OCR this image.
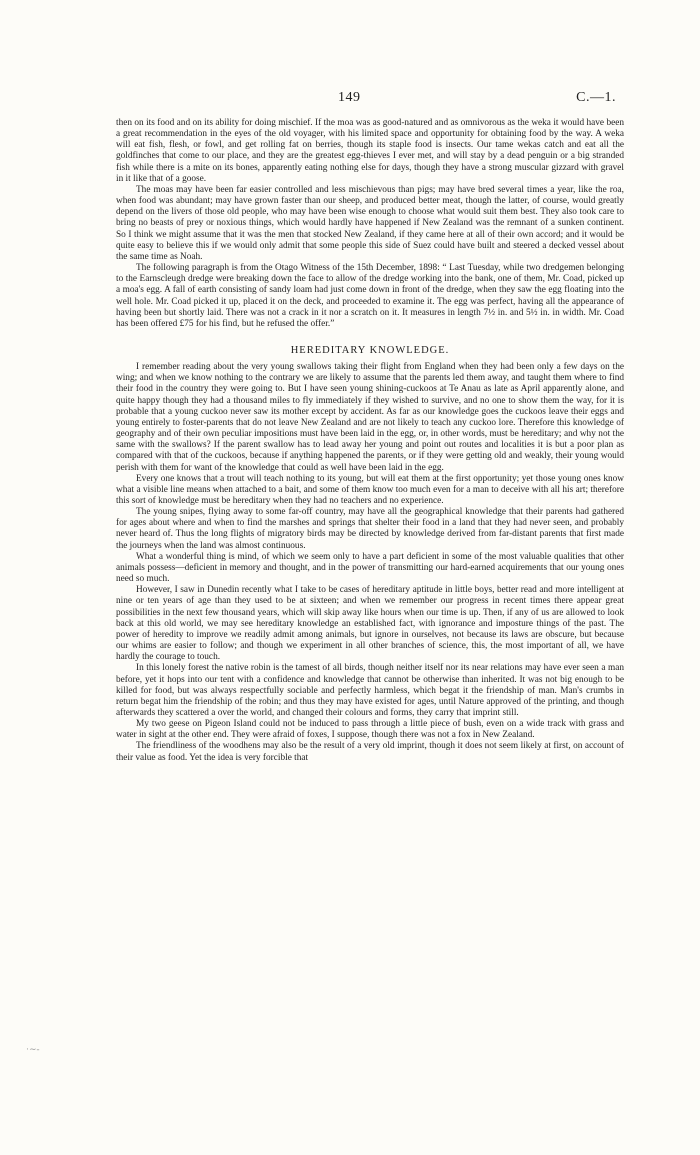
149	C.—1.

then on its food and on its ability for doing mischief. If the moa was as good-natured and as omnivorous as the weka it would have been a great recommendation in the eyes of the old voyager, with his limited space and opportunity for obtaining food by the way. A weka will eat fish, flesh, or fowl, and get rolling fat on berries, though its staple food is insects. Our tame wekas catch and eat all the goldfinches that come to our place, and they are the greatest egg-thieves I ever met, and will stay by a dead penguin or a big stranded fish while there is a mite on its bones, apparently eating nothing else for days, though they have a strong muscular gizzard with gravel in it like that of a goose.

The moas may have been far easier controlled and less mischievous than pigs; may have bred several times a year, like the roa, when food was abundant; may have grown faster than our sheep, and produced better meat, though the latter, of course, would greatly depend on the livers of those old people, who may have been wise enough to choose what would suit them best. They also took care to bring no beasts of prey or noxious things, which would hardly have happened if New Zealand was the remnant of a sunken continent. So I think we might assume that it was the men that stocked New Zealand, if they came here at all of their own accord; and it would be quite easy to believe this if we would only admit that some people this side of Suez could have built and steered a decked vessel about the same time as Noah.

The following paragraph is from the Otago Witness of the 15th December, 1898: “ Last Tuesday, while two dredgemen belonging to the Earnscleugh dredge were breaking down the face to allow of the dredge working into the bank, one of them, Mr. Coad, picked up a moa's egg. A fall of earth consisting of sandy loam had just come down in front of the dredge, when they saw the egg floating into the well hole. Mr. Coad picked it up, placed it on the deck, and proceeded to examine it. The egg was perfect, having all the appearance of having been but shortly laid. There was not a crack in it nor a scratch on it. It measures in length 7½ in. and 5½ in. in width. Mr. Coad has been offered £75 for his find, but he refused the offer.”

HEREDITARY KNOWLEDGE.

I remember reading about the very young swallows taking their flight from England when they had been only a few days on the wing; and when we know nothing to the contrary we are likely to assume that the parents led them away, and taught them where to find their food in the country they were going to. But I have seen young shining-cuckoos at Te Anau as late as April apparently alone, and quite happy though they had a thousand miles to fly immediately if they wished to survive, and no one to show them the way, for it is probable that a young cuckoo never saw its mother except by accident. As far as our knowledge goes the cuckoos leave their eggs and young entirely to foster-parents that do not leave New Zealand and are not likely to teach any cuckoo lore. Therefore this knowledge of geography and of their own peculiar impositions must have been laid in the egg, or, in other words, must be hereditary; and why not the same with the swallows? If the parent swallow has to lead away her young and point out routes and localities it is but a poor plan as compared with that of the cuckoos, because if anything happened the parents, or if they were getting old and weakly, their young would perish with them for want of the knowledge that could as well have been laid in the egg.

Every one knows that a trout will teach nothing to its young, but will eat them at the first opportunity; yet those young ones know what a visible line means when attached to a bait, and some of them know too much even for a man to deceive with all his art; therefore this sort of knowledge must be hereditary when they had no teachers and no experience.

The young snipes, flying away to some far-off country, may have all the geographical knowledge that their parents had gathered for ages about where and when to find the marshes and springs that shelter their food in a land that they had never seen, and probably never heard of. Thus the long flights of migratory birds may be directed by knowledge derived from far-distant parents that first made the journeys when the land was almost continuous.

What a wonderful thing is mind, of which we seem only to have a part deficient in some of the most valuable qualities that other animals possess—deficient in memory and thought, and in the power of transmitting our hard-earned acquirements that our young ones need so much.

However, I saw in Dunedin recently what I take to be cases of hereditary aptitude in little boys, better read and more intelligent at nine or ten years of age than they used to be at sixteen; and when we remember our progress in recent times there appear great possibilities in the next few thousand years, which will skip away like hours when our time is up. Then, if any of us are allowed to look back at this old world, we may see hereditary knowledge an established fact, with ignorance and imposture things of the past. The power of heredity to improve we readily admit among animals, but ignore in ourselves, not because its laws are obscure, but because our whims are easier to follow; and though we experiment in all other branches of science, this, the most important of all, we have hardly the courage to touch.

In this lonely forest the native robin is the tamest of all birds, though neither itself nor its near relations may have ever seen a man before, yet it hops into our tent with a confidence and knowledge that cannot be otherwise than inherited. It was not big enough to be killed for food, but was always respectfully sociable and perfectly harmless, which begat it the friendship of man. Man's crumbs in return begat him the friendship of the robin; and thus they may have existed for ages, until Nature approved of the printing, and though afterwards they scattered a over the world, and changed their colours and forms, they carry that imprint still.

My two geese on Pigeon Island could not be induced to pass through a little piece of bush, even on a wide track with grass and water in sight at the other end. They were afraid of foxes, I suppose, though there was not a fox in New Zealand.

The friendliness of the woodhens may also be the result of a very old imprint, though it does not seem likely at first, on account of their value as food. Yet the idea is very forcible that

·∼-
